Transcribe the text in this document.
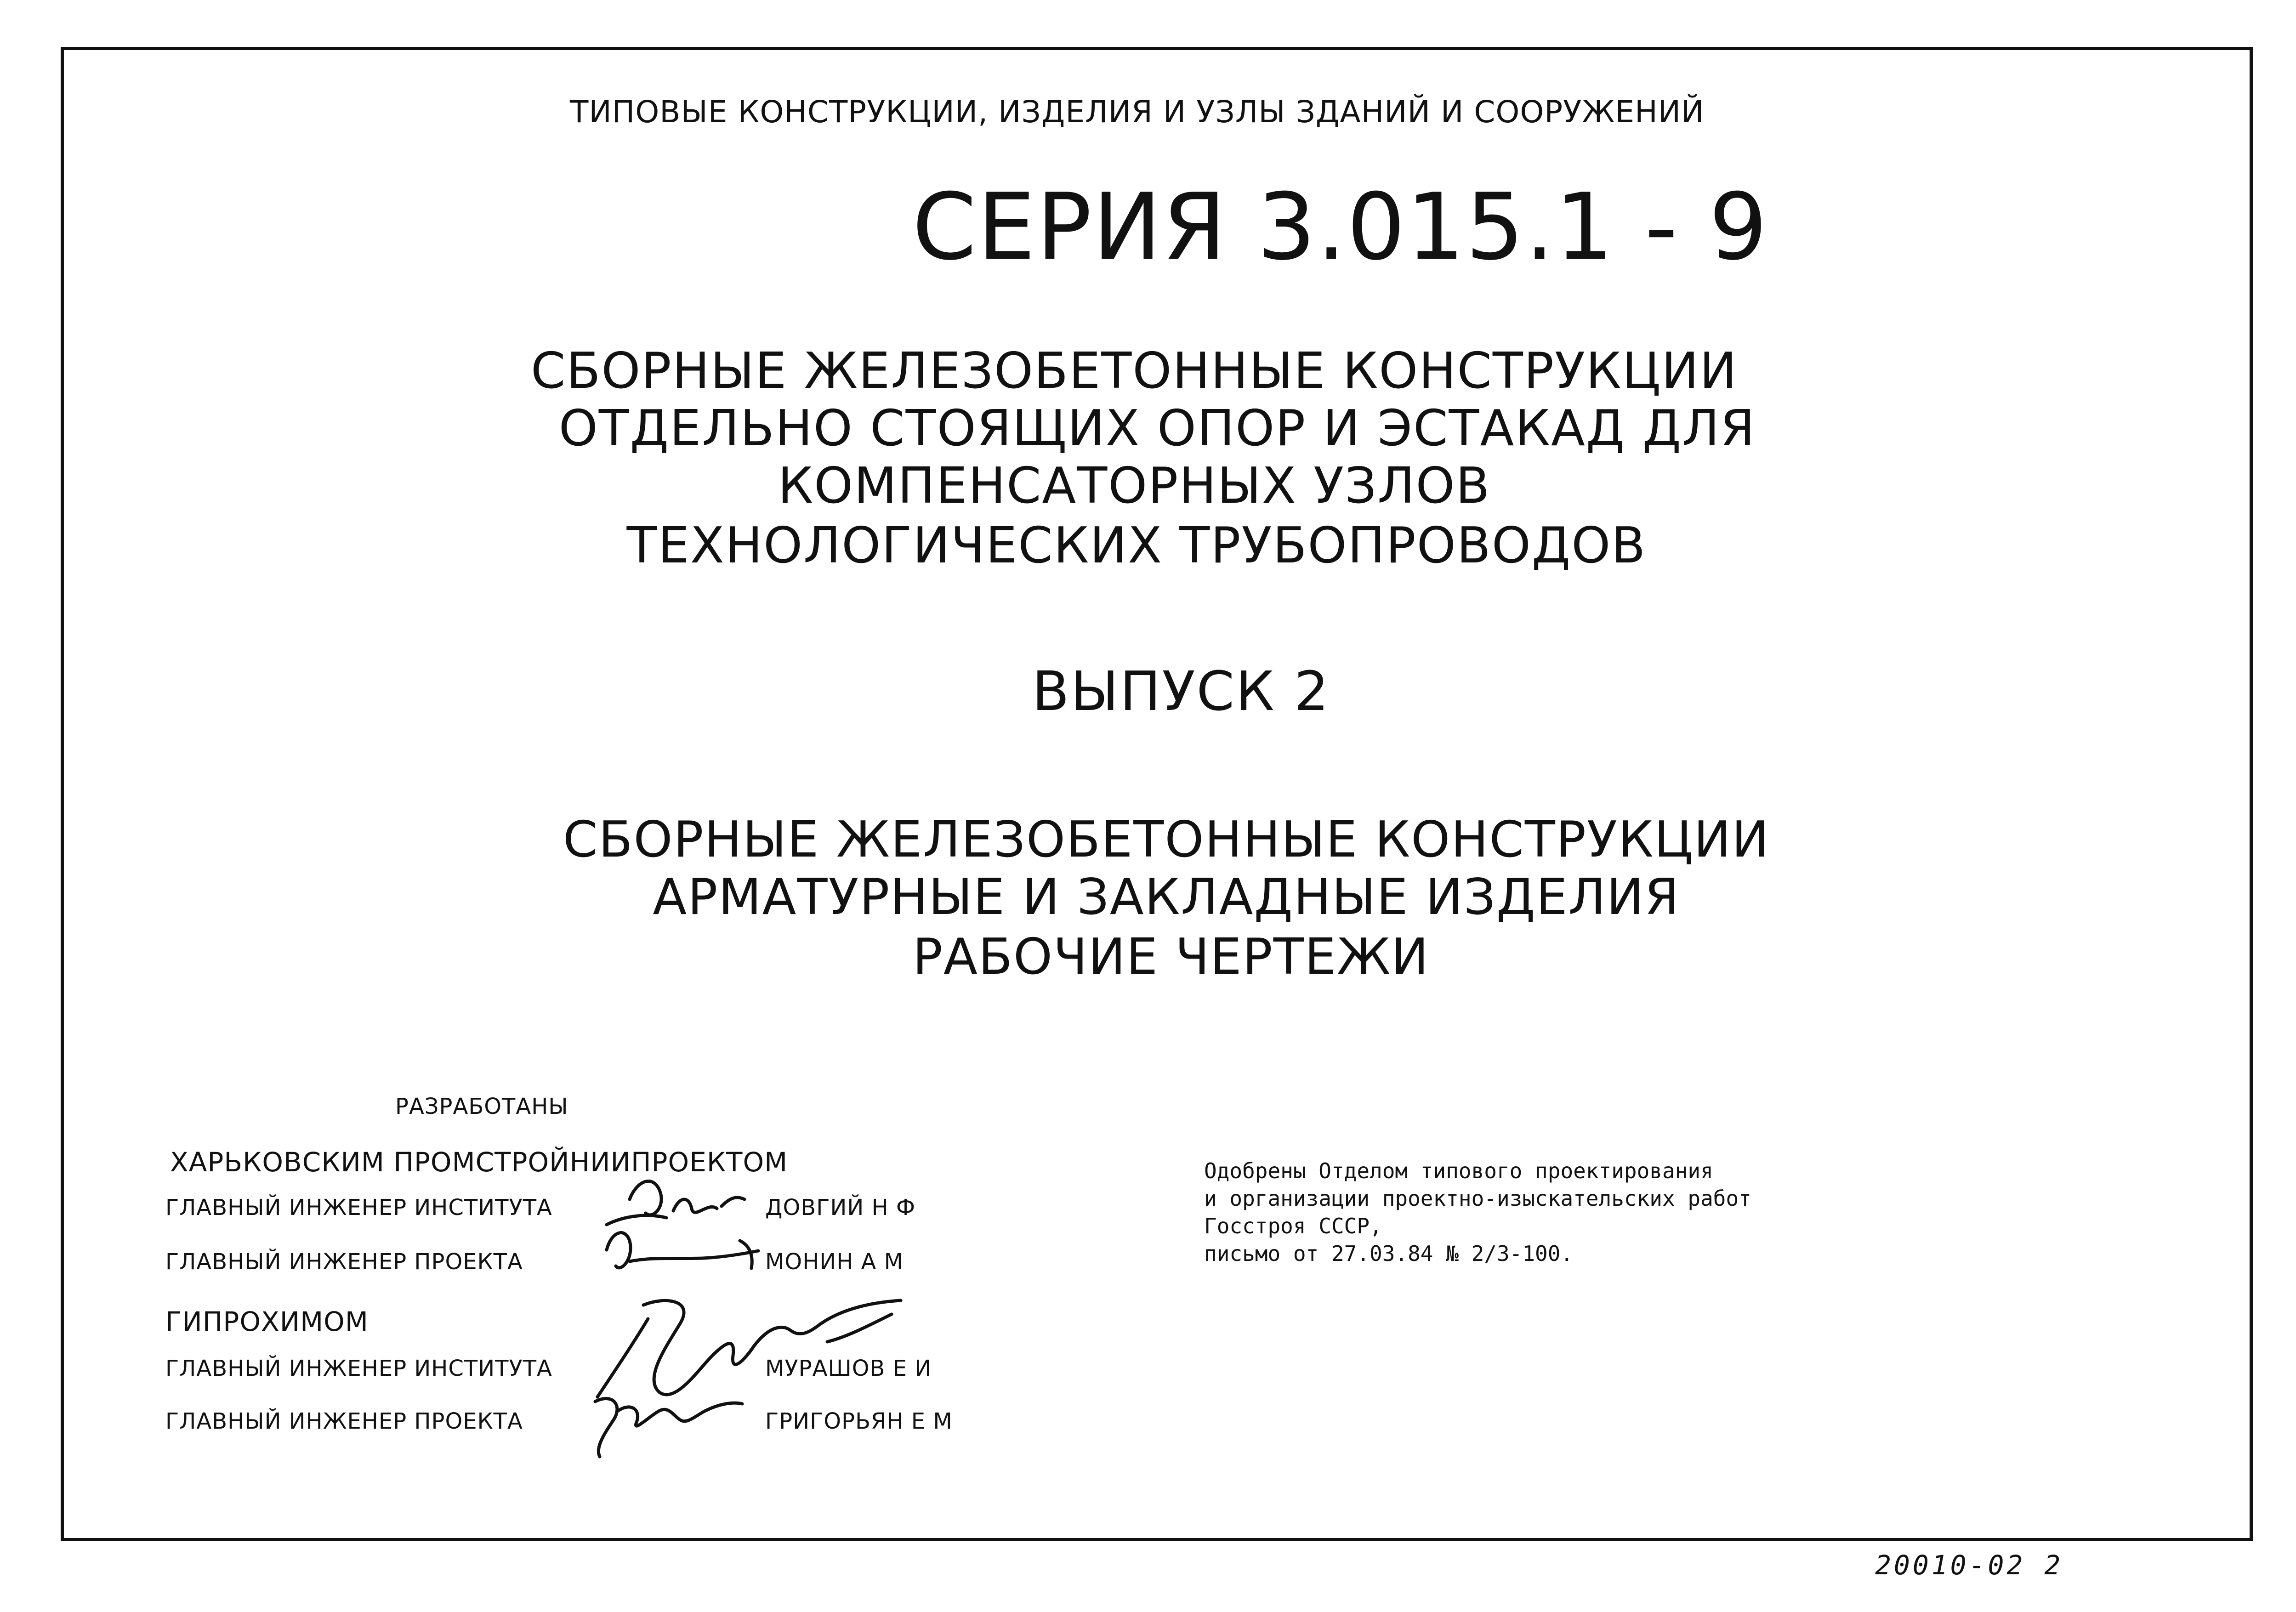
ТИПОВЫЕ КОНСТРУКЦИИ, ИЗДЕЛИЯ И УЗЛЫ ЗДАНИЙ И СООРУЖЕНИЙ
СЕРИЯ 3.015.1 - 9
СБОРНЫЕ ЖЕЛЕЗОБЕТОННЫЕ КОНСТРУКЦИИ
ОТДЕЛЬНО СТОЯЩИХ ОПОР И ЭСТАКАД ДЛЯ
КОМПЕНСАТОРНЫХ УЗЛОВ
ТЕХНОЛОГИЧЕСКИХ ТРУБОПРОВОДОВ
ВЫПУСК 2
СБОРНЫЕ ЖЕЛЕЗОБЕТОННЫЕ КОНСТРУКЦИИ
АРМАТУРНЫЕ И ЗАКЛАДНЫЕ ИЗДЕЛИЯ
РАБОЧИЕ ЧЕРТЕЖИ
РАЗРАБОТАНЫ
ХАРЬКОВСКИМ ПРОМСТРОЙНИИПРОЕКТОМ
ГЛАВНЫЙ ИНЖЕНЕР ИНСТИТУТА	ДОВГИЙ Н Ф
ГЛАВНЫЙ ИНЖЕНЕР ПРОЕКТА	МОНИН А М
ГИПРОХИМОМ
ГЛАВНЫЙ ИНЖЕНЕР ИНСТИТУТА	МУРАШОВ Е И
ГЛАВНЫЙ ИНЖЕНЕР ПРОЕКТА	ГРИГОРЬЯН Е М
Одобрены Отделом типового проектирования
и организации проектно-изыскательских работ
Госстроя СССР,
письмо от 27.03.84 № 2/3-100.
20010-02 2
